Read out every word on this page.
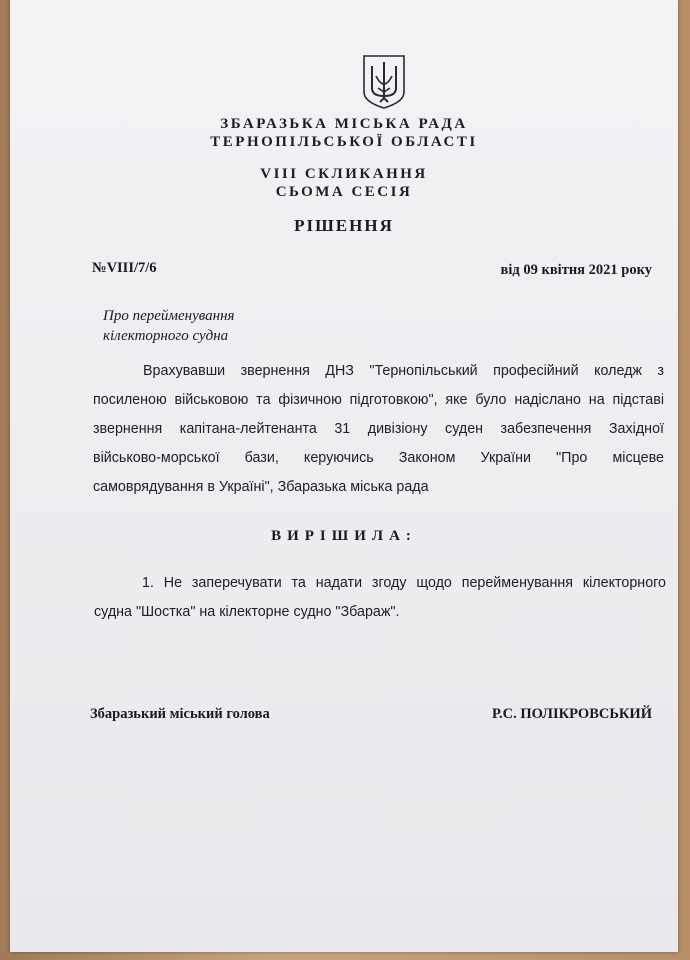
ЗБАРАЗЬКА МІСЬКА РАДА
ТЕРНОПІЛЬСЬКОЇ ОБЛАСТІ
VIII СКЛИКАННЯ
СЬОМА СЕСІЯ
РІШЕННЯ
№VIII/7/6	від 09 квітня 2021 року
Про перейменування
кілекторного судна
Врахувавши звернення ДНЗ "Тернопільський професійний коледж з
посиленою військовою та фізичною підготовкою", яке було надіслано на підставі
звернення капітана-лейтенанта 31 дивізіону суден забезпечення Західної
військово-морської бази, керуючись Законом України "Про місцеве
самоврядування в Україні", Збаразька міська рада
ВИРІШИЛА:
1. Не заперечувати та надати згоду щодо перейменування кілекторного
судна "Шостка" на кілекторне судно "Збараж".
Збаразький міський голова	Р.С. ПОЛІКРОВСЬКИЙ
